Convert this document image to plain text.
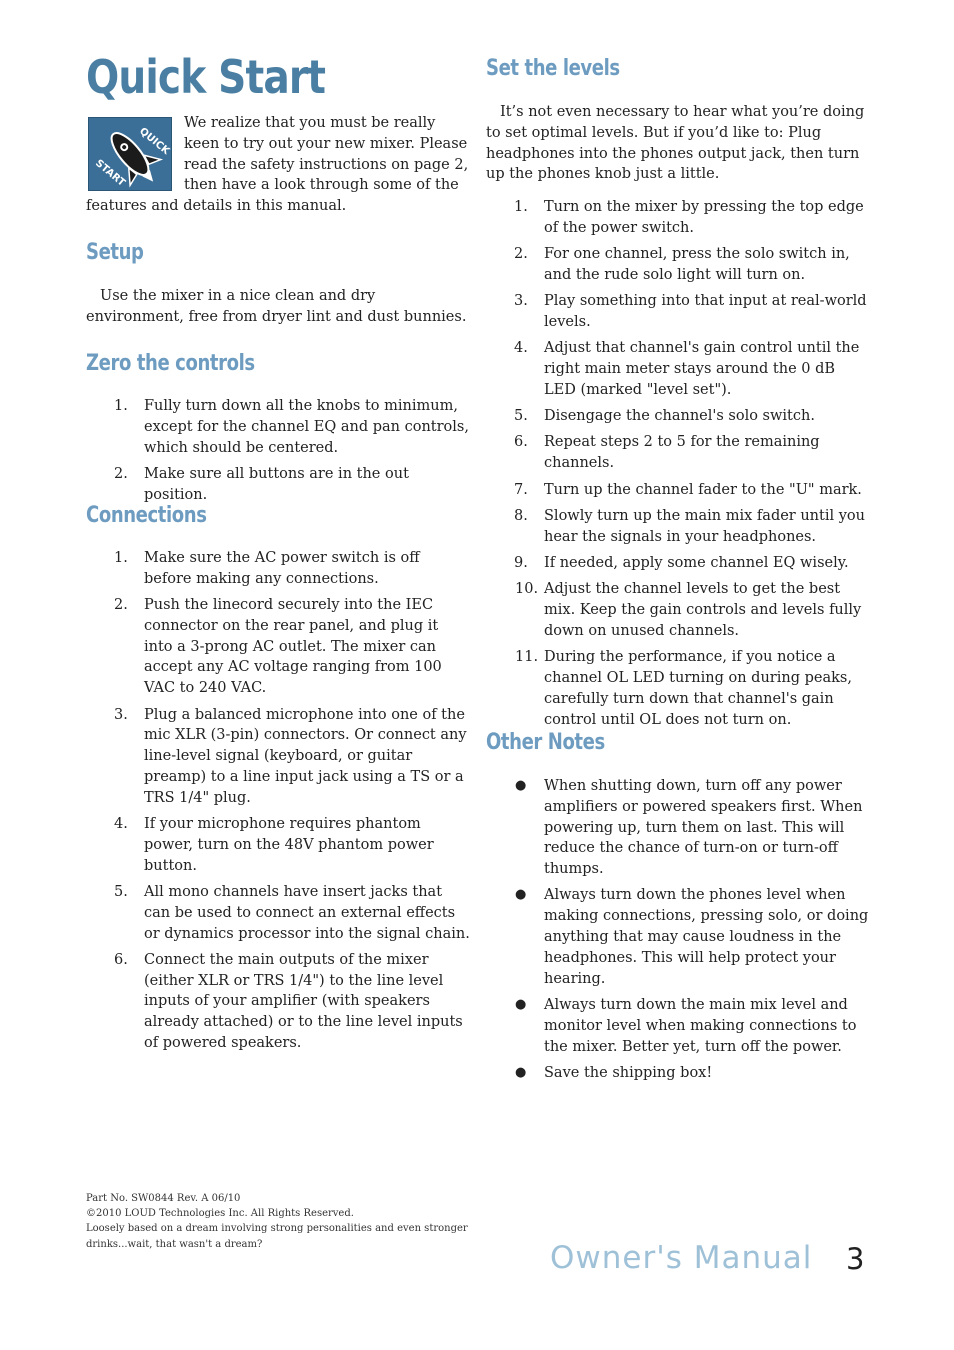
Quick Start
QUICK
START

We realize that you must be really keen to try out your new mixer. Please read the safety instructions on page 2, then have a look through some of the features and details in this manual.

Setup

Use the mixer in a nice clean and dry environment, free from dryer lint and dust bunnies.

Zero the controls
1. Fully turn down all the knobs to minimum, except for the channel EQ and pan controls, which should be centered.
2. Make sure all buttons are in the out position.
Connections
1. Make sure the AC power switch is off before making any connections.
2. Push the linecord securely into the IEC connector on the rear panel, and plug it into a 3-prong AC outlet. The mixer can accept any AC voltage ranging from 100 VAC to 240 VAC.
3. Plug a balanced microphone into one of the mic XLR (3-pin) connectors. Or connect any line-level signal (keyboard, or guitar preamp) to a line input jack using a TS or a TRS 1/4" plug.
4. If your microphone requires phantom power, turn on the 48V phantom power button.
5. All mono channels have insert jacks that can be used to connect an external effects or dynamics processor into the signal chain.
6. Connect the main outputs of the mixer (either XLR or TRS 1/4") to the line level inputs of your amplifier (with speakers already attached) or to the line level inputs of powered speakers.
Set the levels

It’s not even necessary to hear what you’re doing to set optimal levels. But if you’d like to: Plug headphones into the phones output jack, then turn up the phones knob just a little.

1. Turn on the mixer by pressing the top edge of the power switch.
2. For one channel, press the solo switch in, and the rude solo light will turn on.
3. Play something into that input at real-world levels.
4. Adjust that channel's gain control until the right main meter stays around the 0 dB LED (marked "level set").
5. Disengage the channel's solo switch.
6. Repeat steps 2 to 5 for the remaining channels.
7. Turn up the channel fader to the "U" mark.
8. Slowly turn up the main mix fader until you hear the signals in your headphones.
9. If needed, apply some channel EQ wisely.
10. Adjust the channel levels to get the best mix. Keep the gain controls and levels fully down on unused channels.
11. During the performance, if you notice a channel OL LED turning on during peaks, carefully turn down that channel's gain control until OL does not turn on.
Other Notes
● When shutting down, turn off any power amplifiers or powered speakers first. When powering up, turn them on last. This will reduce the chance of turn-on or turn-off thumps.
● Always turn down the phones level when making connections, pressing solo, or doing anything that may cause loudness in the headphones. This will help protect your hearing.
● Always turn down the main mix level and monitor level when making connections to the mixer. Better yet, turn off the power.
● Save the shipping box!
Part No. SW0844 Rev. A 06/10
©2010 LOUD Technologies Inc. All Rights Reserved.
Loosely based on a dream involving strong personalities and even stronger
drinks...wait, that wasn't a dream?	Owner's Manual 3
